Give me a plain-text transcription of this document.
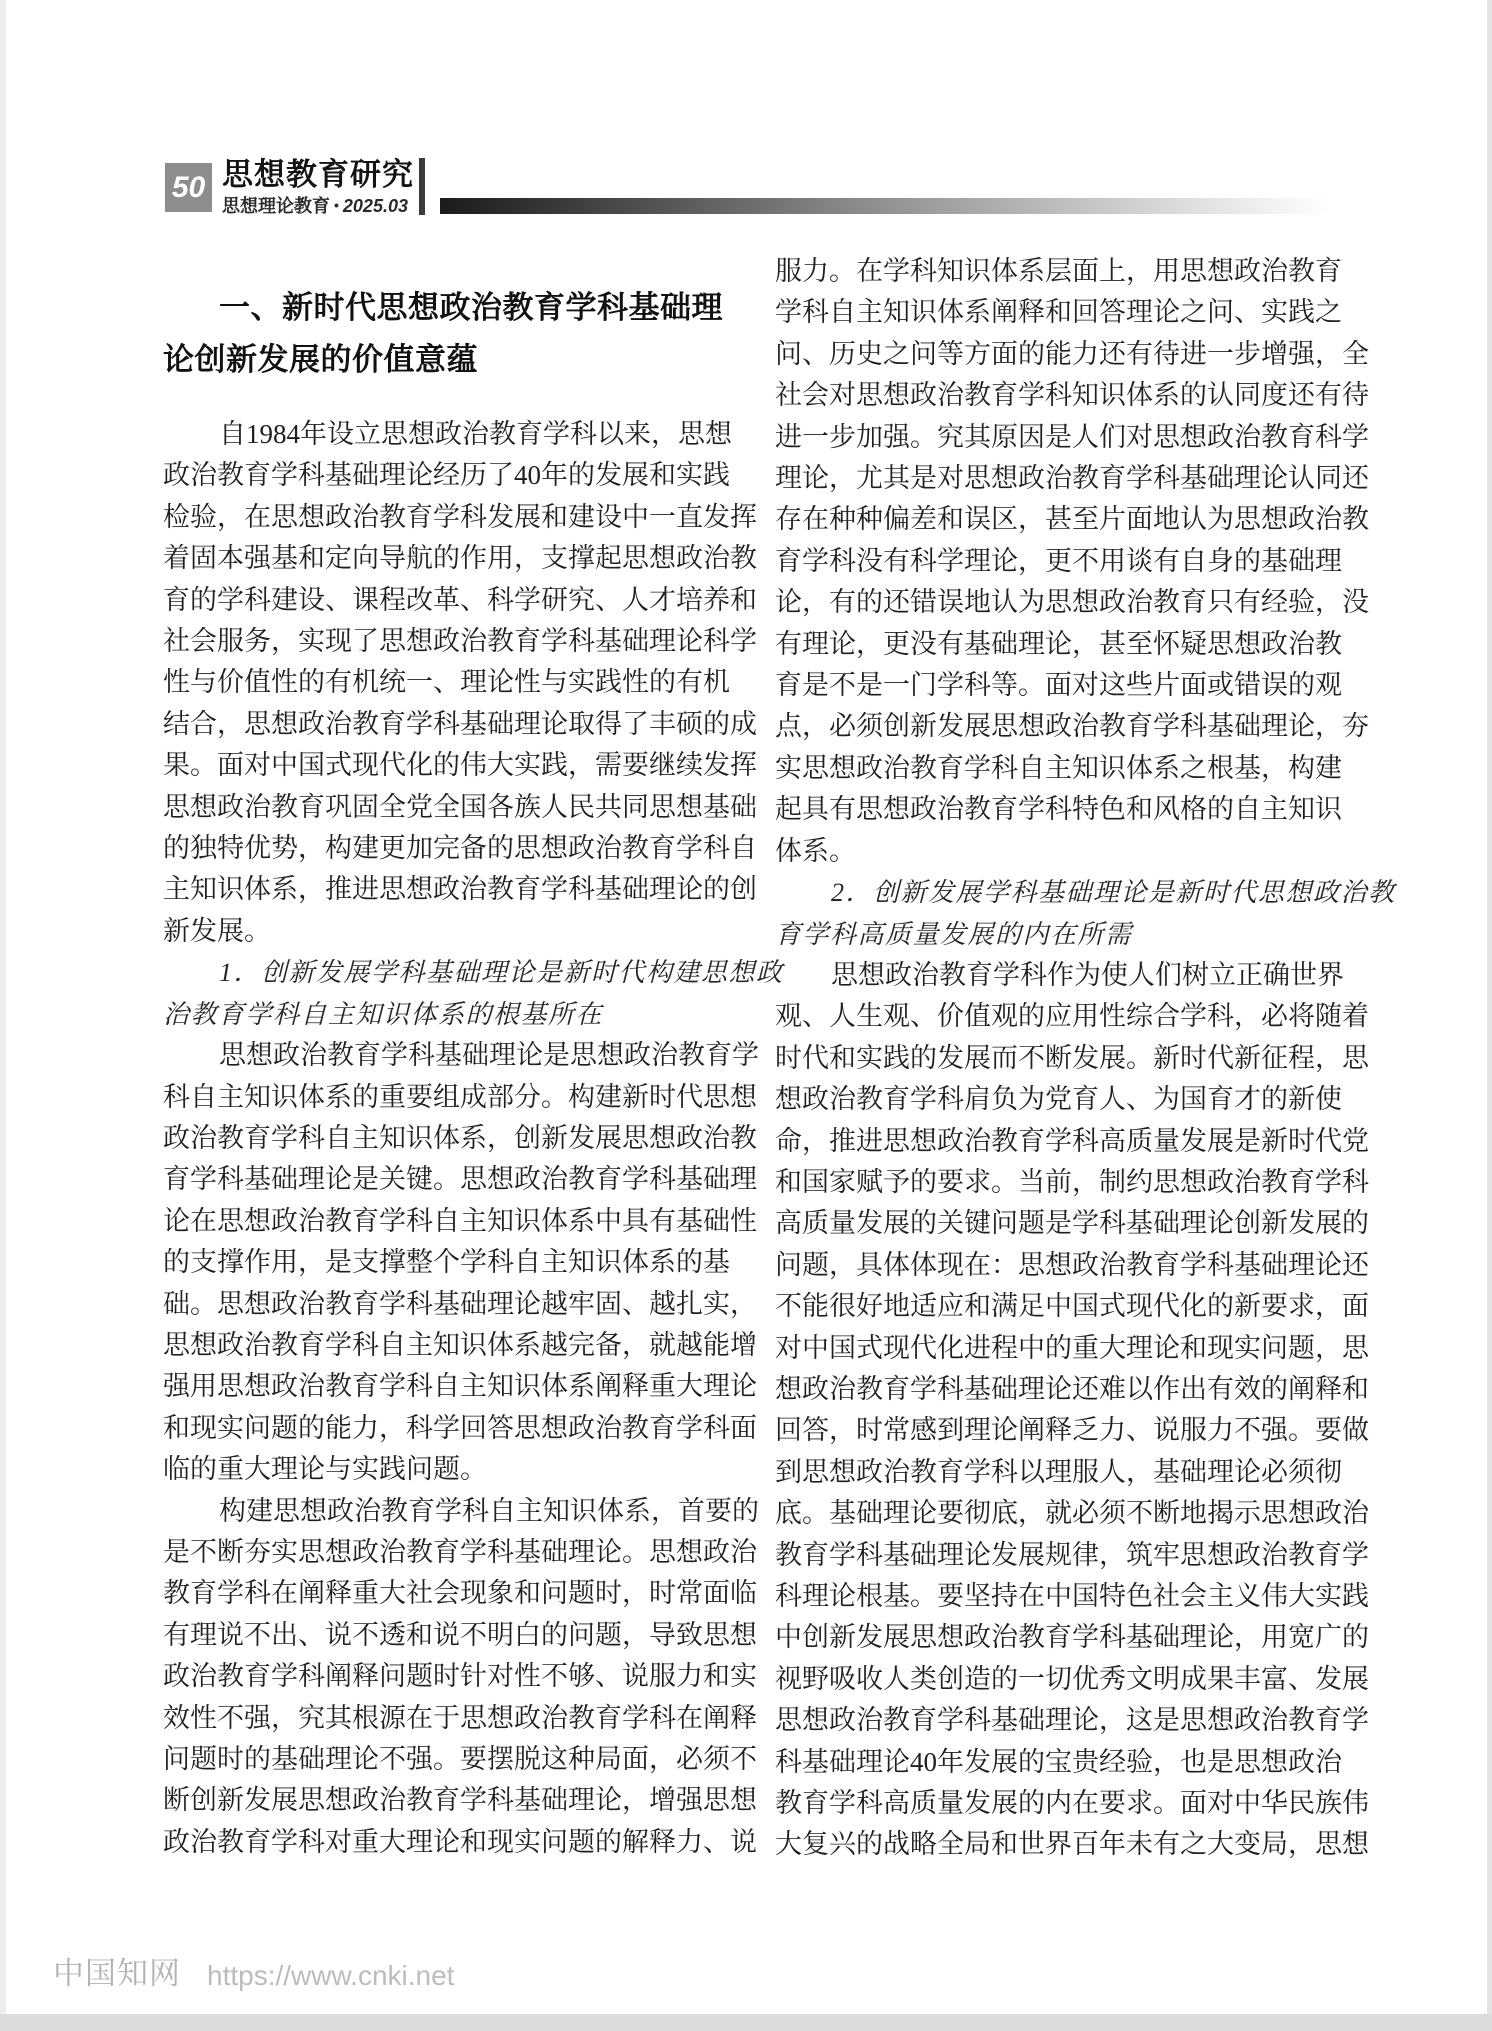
50 思想教育研究
思想理论教育 • 2025.03
一、新时代思想政治教育学科基础理
论创新发展的价值意蕴
自1984年设立思想政治教育学科以来，思想
政治教育学科基础理论经历了40年的发展和实践
检验，在思想政治教育学科发展和建设中一直发挥
着固本强基和定向导航的作用，支撑起思想政治教
育的学科建设、课程改革、科学研究、人才培养和
社会服务，实现了思想政治教育学科基础理论科学
性与价值性的有机统一、理论性与实践性的有机
结合，思想政治教育学科基础理论取得了丰硕的成
果。面对中国式现代化的伟大实践，需要继续发挥
思想政治教育巩固全党全国各族人民共同思想基础
的独特优势，构建更加完备的思想政治教育学科自
主知识体系，推进思想政治教育学科基础理论的创
新发展。
1．创新发展学科基础理论是新时代构建思想政
治教育学科自主知识体系的根基所在
思想政治教育学科基础理论是思想政治教育学
科自主知识体系的重要组成部分。构建新时代思想
政治教育学科自主知识体系，创新发展思想政治教
育学科基础理论是关键。思想政治教育学科基础理
论在思想政治教育学科自主知识体系中具有基础性
的支撑作用，是支撑整个学科自主知识体系的基
础。思想政治教育学科基础理论越牢固、越扎实，
思想政治教育学科自主知识体系越完备，就越能增
强用思想政治教育学科自主知识体系阐释重大理论
和现实问题的能力，科学回答思想政治教育学科面
临的重大理论与实践问题。
构建思想政治教育学科自主知识体系，首要的
是不断夯实思想政治教育学科基础理论。思想政治
教育学科在阐释重大社会现象和问题时，时常面临
有理说不出、说不透和说不明白的问题，导致思想
政治教育学科阐释问题时针对性不够、说服力和实
效性不强，究其根源在于思想政治教育学科在阐释
问题时的基础理论不强。要摆脱这种局面，必须不
断创新发展思想政治教育学科基础理论，增强思想
政治教育学科对重大理论和现实问题的解释力、说
服力。在学科知识体系层面上，用思想政治教育
学科自主知识体系阐释和回答理论之问、实践之
问、历史之问等方面的能力还有待进一步增强，全
社会对思想政治教育学科知识体系的认同度还有待
进一步加强。究其原因是人们对思想政治教育科学
理论，尤其是对思想政治教育学科基础理论认同还
存在种种偏差和误区，甚至片面地认为思想政治教
育学科没有科学理论，更不用谈有自身的基础理
论，有的还错误地认为思想政治教育只有经验，没
有理论，更没有基础理论，甚至怀疑思想政治教
育是不是一门学科等。面对这些片面或错误的观
点，必须创新发展思想政治教育学科基础理论，夯
实思想政治教育学科自主知识体系之根基，构建
起具有思想政治教育学科特色和风格的自主知识
体系。
2．创新发展学科基础理论是新时代思想政治教
育学科高质量发展的内在所需
思想政治教育学科作为使人们树立正确世界
观、人生观、价值观的应用性综合学科，必将随着
时代和实践的发展而不断发展。新时代新征程，思
想政治教育学科肩负为党育人、为国育才的新使
命，推进思想政治教育学科高质量发展是新时代党
和国家赋予的要求。当前，制约思想政治教育学科
高质量发展的关键问题是学科基础理论创新发展的
问题，具体体现在：思想政治教育学科基础理论还
不能很好地适应和满足中国式现代化的新要求，面
对中国式现代化进程中的重大理论和现实问题，思
想政治教育学科基础理论还难以作出有效的阐释和
回答，时常感到理论阐释乏力、说服力不强。要做
到思想政治教育学科以理服人，基础理论必须彻
底。基础理论要彻底，就必须不断地揭示思想政治
教育学科基础理论发展规律，筑牢思想政治教育学
科理论根基。要坚持在中国特色社会主义伟大实践
中创新发展思想政治教育学科基础理论，用宽广的
视野吸收人类创造的一切优秀文明成果丰富、发展
思想政治教育学科基础理论，这是思想政治教育学
科基础理论40年发展的宝贵经验，也是思想政治
教育学科高质量发展的内在要求。面对中华民族伟
大复兴的战略全局和世界百年未有之大变局，思想
中国知网 https://www.cnki.net
